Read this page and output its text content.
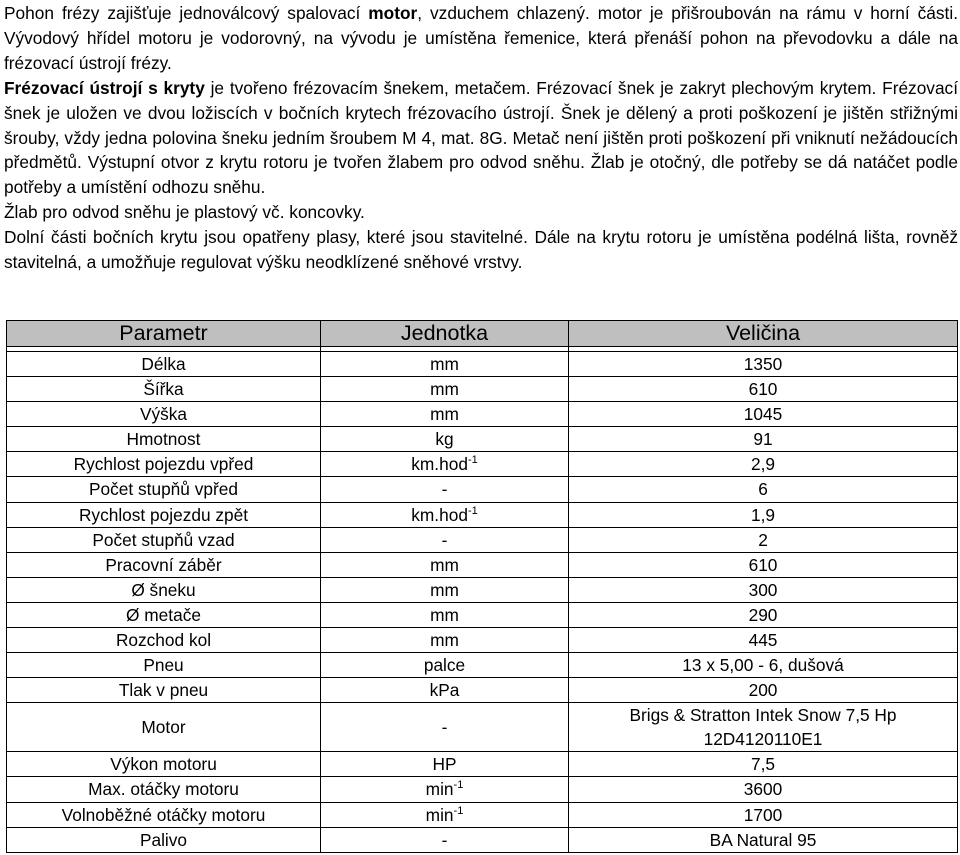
Pohon frézy zajišťuje jednoválcový spalovací motor, vzduchem chlazený. motor je přišroubován na rámu v horní části. Vývodový hřídel motoru je vodorovný, na vývodu je umístěna řemenice, která přenáší pohon na převodovku a dále na frézovací ústrojí frézy.

Frézovací ústrojí s kryty je tvořeno frézovacím šnekem, metačem. Frézovací šnek je zakryt plechovým krytem. Frézovací šnek je uložen ve dvou ložiscích v bočních krytech frézovacího ústrojí. Šnek je dělený a proti poškození je jištěn střižnými šrouby, vždy jedna polovina šneku jedním šroubem M 4, mat. 8G. Metač není jištěn proti poškození při vniknutí nežádoucích předmětů. Výstupní otvor z krytu rotoru je tvořen žlabem pro odvod sněhu. Žlab je otočný, dle potřeby se dá natáčet podle potřeby a umístění odhozu sněhu.

Žlab pro odvod sněhu je plastový vč. koncovky.

Dolní části bočních krytu jsou opatřeny plasy, které jsou stavitelné. Dále na krytu rotoru je umístěna podélná lišta, rovněž stavitelná, a umožňuje regulovat výšku neodklízené sněhové vrstvy.

Parametr	Jednotka	Veličina

Délka	mm	1350

Šířka	mm	610

Výška	mm	1045

Hmotnost	kg	91

Rychlost pojezdu vpřed	km.hod$^{-1}$	2,9

Počet stupňů vpřed	-	6

Rychlost pojezdu zpět	km.hod$^{-1}$	1,9

Počet stupňů vzad	-	2

Pracovní záběr	mm	610

Ø šneku	mm	300

Ø metače	mm	290

Rozchod kol	mm	445

Pneu	palce	13 x 5,00 - 6, dušová

Tlak v pneu	kPa	200

Motor	-	Brigs & Stratton Intek Snow 7,5 Hp
12D4120110E1

Výkon motoru	HP	7,5

Max. otáčky motoru	$\min^{-1}$	3600

Volnoběžné otáčky motoru	$\min^{-1}$	1700

Palivo	-	BA Natural 95
